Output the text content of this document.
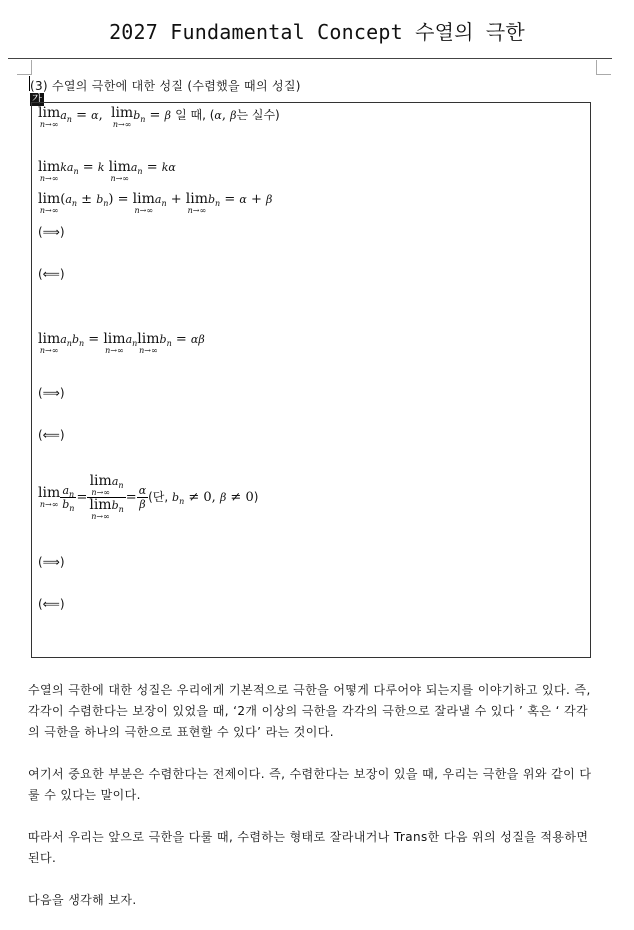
2027 Fundamental Concept 수열의 극한
(3) 수열의 극한에 대한 성질 (수렴했을 때의 성질)
가
lim
n→∞
$a_n = \alpha$, lim
n→∞
$b_n = \beta$ 일 때, (α, β는 실수)
lim
n→∞
$ka_n = k$ lim
n→∞
$a_n = k\alpha$
lim
n→∞
$(a_n \pm b_n) = \lim$
n→∞
$a_n + \lim$
n→∞
$b_n = \alpha + \beta$
(⟹)
(⟸)
lim
n→∞
$a_nb_n = \lim$
n→∞
$a_n$ lim
n→∞
$b_n = \alpha\beta$
(⟹)
(⟸)
lim
$n\to\infty \frac{a_n}{b_n} = \lim$
n→∞
$a_n$
lim
n→∞
$b_n = \frac{\alpha}{\beta}$ (단, $b_n \ne 0$, β ≠ 0)
(⟹)
(⟸)
수열의 극한에 대한 성질은 우리에게 기본적으로 극한을 어떻게 다루어야 되는지를 이야기하고 있다. 즉, 각각이 수렴한다는 보장이 있었을 때, ‘2개 이상의 극한을 각각의 극한으로 잘라낼 수 있다 ’ 혹은 ‘ 각각의 극한을 하나의 극한으로 표현할 수 있다’ 라는 것이다.
여기서 중요한 부분은 수렴한다는 전제이다. 즉, 수렴한다는 보장이 있을 때, 우리는 극한을 위와 같이 다룰 수 있다는 말이다.
따라서 우리는 앞으로 극한을 다룰 때, 수렴하는 형태로 잘라내거나 Trans한 다음 위의 성질을 적용하면 된다.
다음을 생각해 보자.
